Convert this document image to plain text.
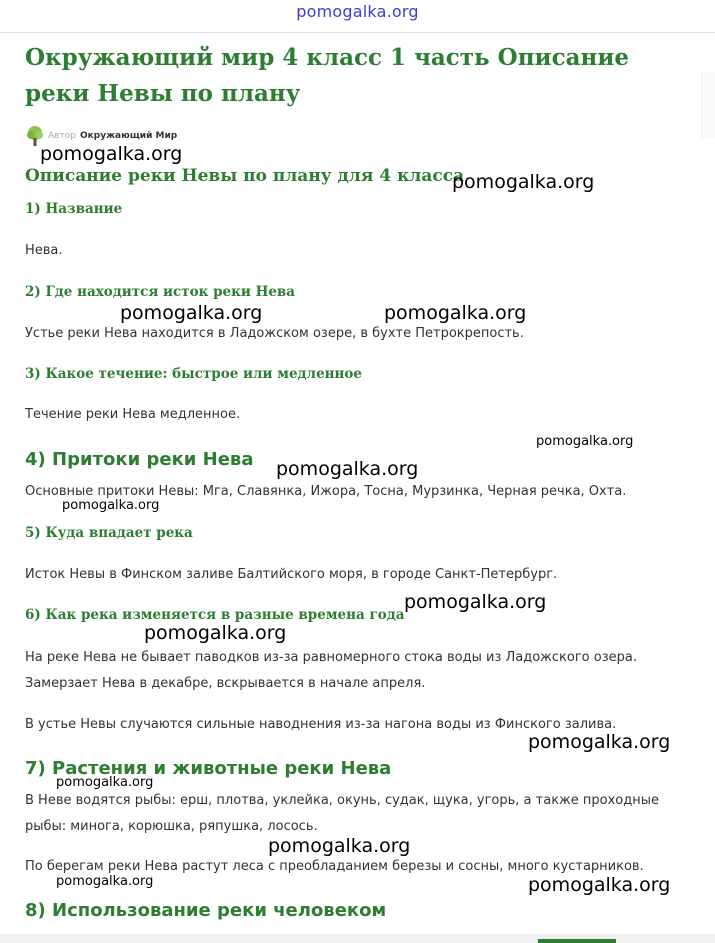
pomogalka.org
Окружающий мир 4 класс 1 часть Описание реки Невы по плану
Автор Окружающий Мир
Описание реки Невы по плану для 4 класса
1) Название

Нева.

2) Где находится исток реки Нева

Устье реки Нева находится в Ладожском озере, в бухте Петрокрепость.

3) Какое течение: быстрое или медленное

Течение реки Нева медленное.

4) Притоки реки Нева

Основные притоки Невы: Мга, Славянка, Ижора, Тосна, Мурзинка, Черная речка, Охта.

5) Куда впадает река

Исток Невы в Финском заливе Балтийского моря, в городе Санкт-Петербург.

6) Как река изменяется в разные времена года

На реке Нева не бывает паводков из-за равномерного стока воды из Ладожского озера.

Замерзает Нева в декабре, вскрывается в начале апреля.

В устье Невы случаются сильные наводнения из-за нагона воды из Финского залива.

7) Растения и животные реки Нева

В Неве водятся рыбы: ерш, плотва, уклейка, окунь, судак, щука, угорь, а также проходные

рыбы: минога, корюшка, ряпушка, лосось.

По берегам реки Нева растут леса с преобладанием березы и сосны, много кустарников.

8) Использование реки человеком
pomogalka.org
pomogalka.org
pomogalka.org	pomogalka.org
pomogalka.org
pomogalka.org
pomogalka.org
pomogalka.org
pomogalka.org
pomogalka.org
pomogalka.org
pomogalka.org
pomogalka.org	pomogalka.org
